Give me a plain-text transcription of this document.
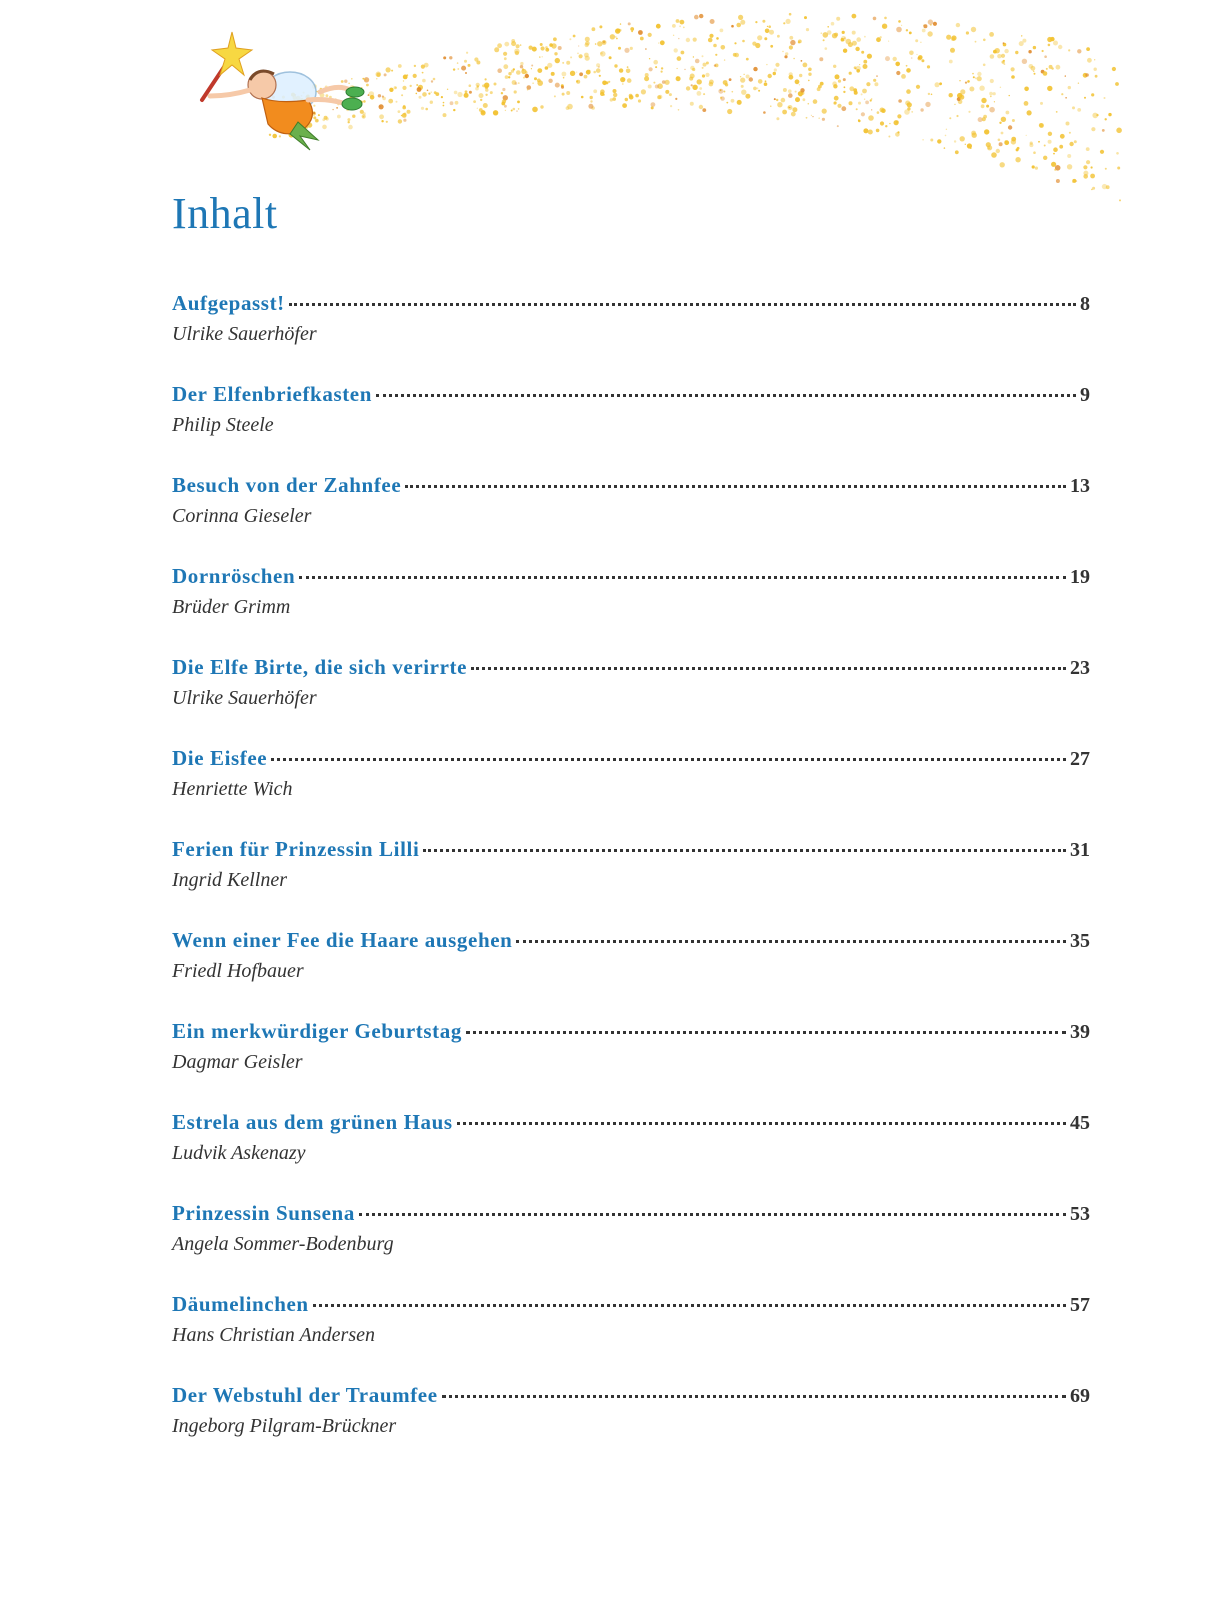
Inhalt
Aufgepasst!	8
Ulrike Sauerhöfer
Der Elfenbriefkasten	9
Philip Steele
Besuch von der Zahnfee	13
Corinna Gieseler
Dornröschen	19
Brüder Grimm
Die Elfe Birte, die sich verirrte	23
Ulrike Sauerhöfer
Die Eisfee	27
Henriette Wich
Ferien für Prinzessin Lilli	31
Ingrid Kellner
Wenn einer Fee die Haare ausgehen	35
Friedl Hofbauer
Ein merkwürdiger Geburtstag	39
Dagmar Geisler
Estrela aus dem grünen Haus	45
Ludvik Askenazy
Prinzessin Sunsena	53
Angela Sommer-Bodenburg
Däumelinchen	57
Hans Christian Andersen
Der Webstuhl der Traumfee	69
Ingeborg Pilgram-Brückner
